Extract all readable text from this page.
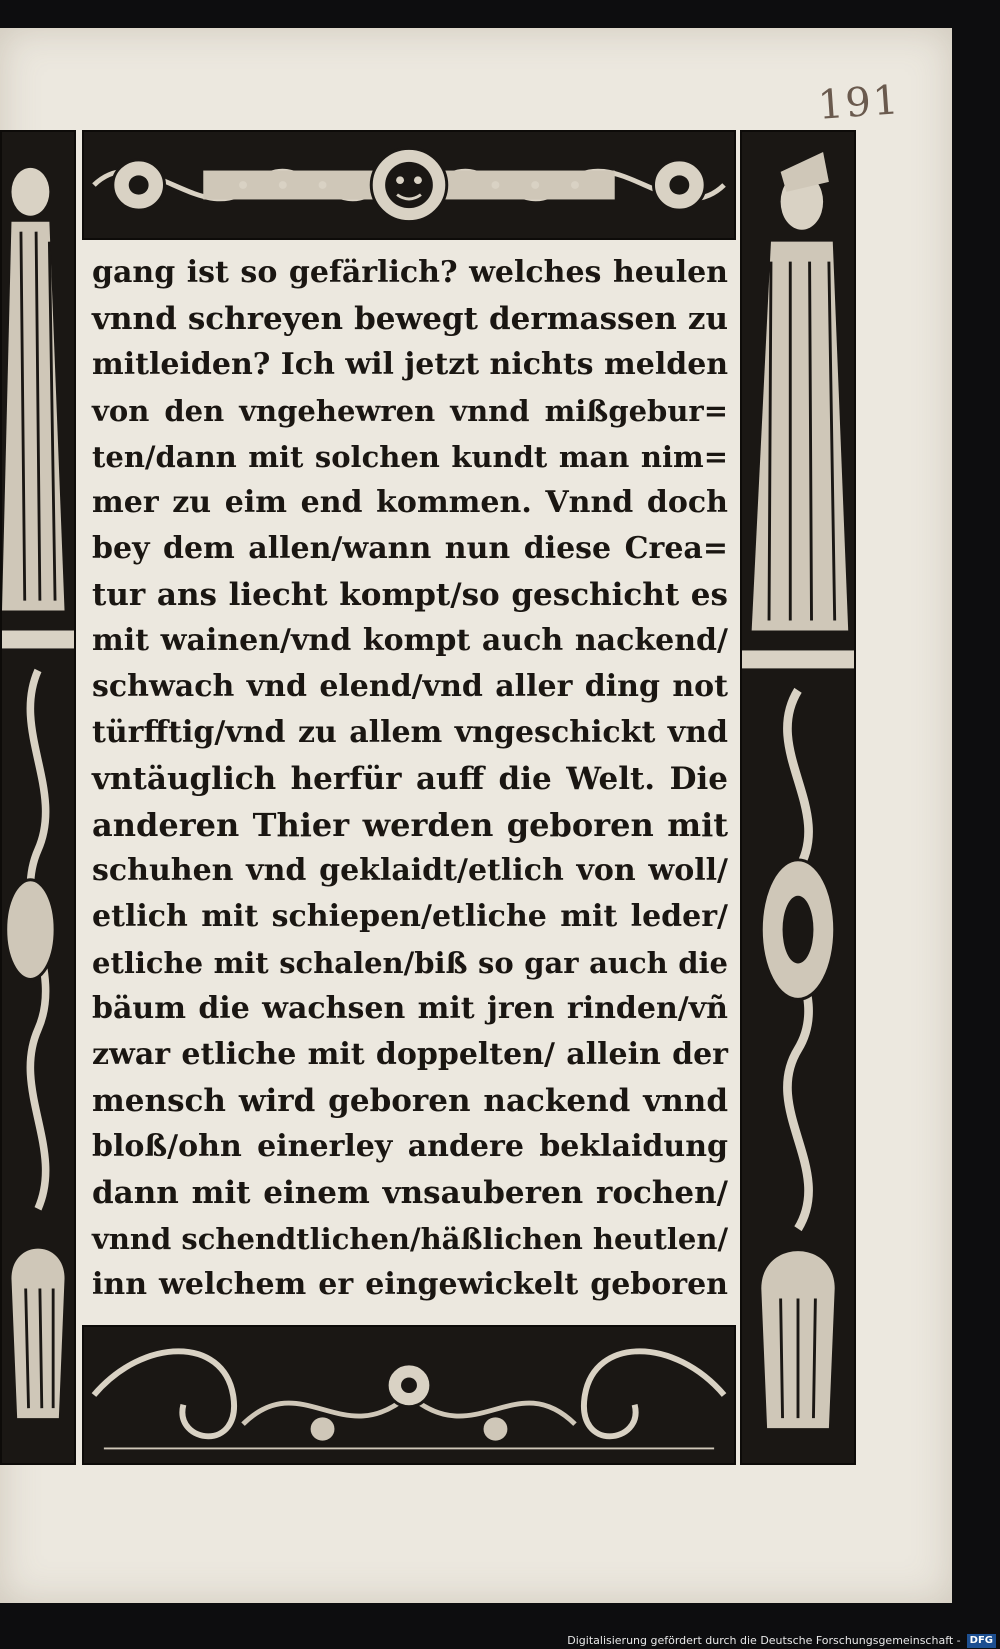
191
gang ist so gefärlich? welches heulen
vnnd schreyen bewegt dermassen zu
mitleiden? Ich wil jetzt nichts melden
von den vngehewren vnnd mißgebur=
ten/dann mit solchen kundt man nim=
mer zu eim end kommen. Vnnd doch
bey dem allen/wann nun diese Crea=
tur ans liecht kompt/so geschicht es
mit wainen/vnd kompt auch nackend/
schwach vnd elend/vnd aller ding not
türfftig/vnd zu allem vngeschickt vnd
vntäuglich herfür auff die Welt. Die
anderen Thier werden geboren mit
schuhen vnd geklaidt/etlich von woll/
etlich mit schiepen/etliche mit leder/
etliche mit schalen/biß so gar auch die
bäum die wachsen mit jren rinden/vñ
zwar etliche mit doppelten/ allein der
mensch wird geboren nackend vnnd
bloß/ohn einerley andere beklaidung
dann mit einem vnsauberen rochen/
vnnd schendtlichen/häßlichen heutlen/
inn welchem er eingewickelt geboren
Digitalisierung gefördert durch die Deutsche Forschungsgemeinschaft - DFG
